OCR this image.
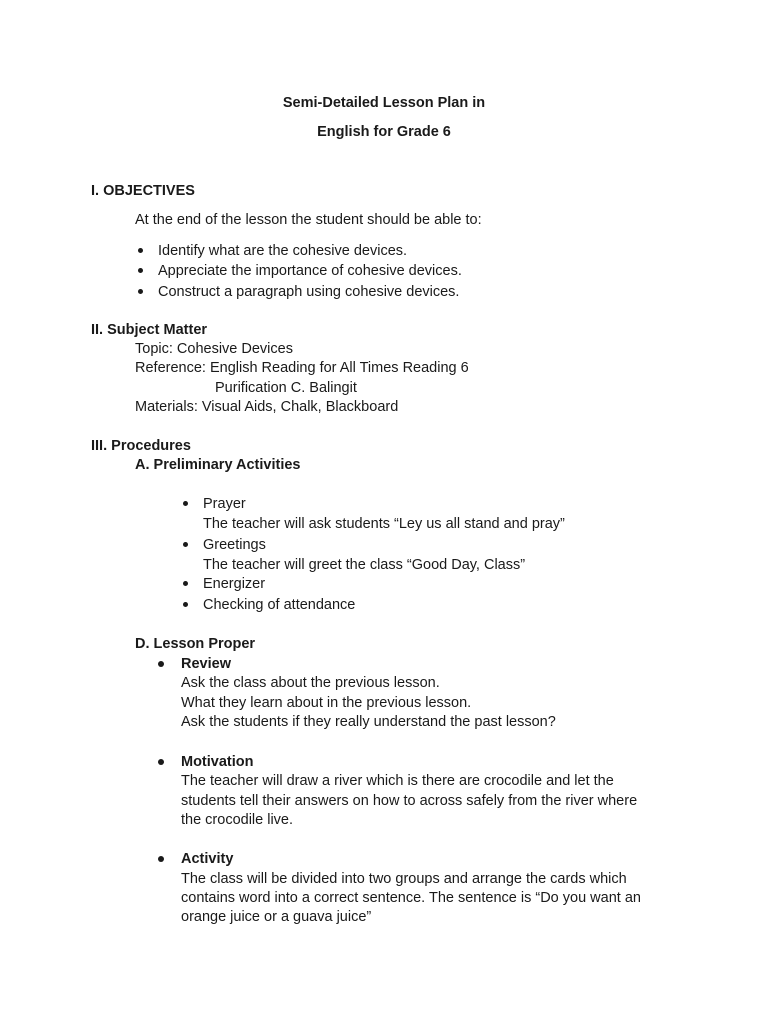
Semi-Detailed Lesson Plan in
English for Grade 6
I. OBJECTIVES
At the end of the lesson the student should be able to:
Identify what are the cohesive devices.
Appreciate the importance of cohesive devices.
Construct a paragraph using cohesive devices.
II. Subject Matter
Topic: Cohesive Devices
Reference: English Reading for All Times Reading 6
Purification C. Balingit
Materials: Visual Aids, Chalk, Blackboard
III. Procedures
A. Preliminary Activities
Prayer
The teacher will ask students “Ley us all stand and pray”
Greetings
The teacher will greet the class “Good Day, Class”
Energizer
Checking of attendance
D. Lesson Proper
Review
Ask the class about the previous lesson.
What they learn about in the previous lesson.
Ask the students if they really understand the past lesson?
Motivation
The teacher will draw a river which is there are crocodile and let the
students tell their answers on how to across safely from the river where
the crocodile live.
Activity
The class will be divided into two groups and arrange the cards which
contains word into a correct sentence. The sentence is “Do you want an
orange juice or a guava juice”
